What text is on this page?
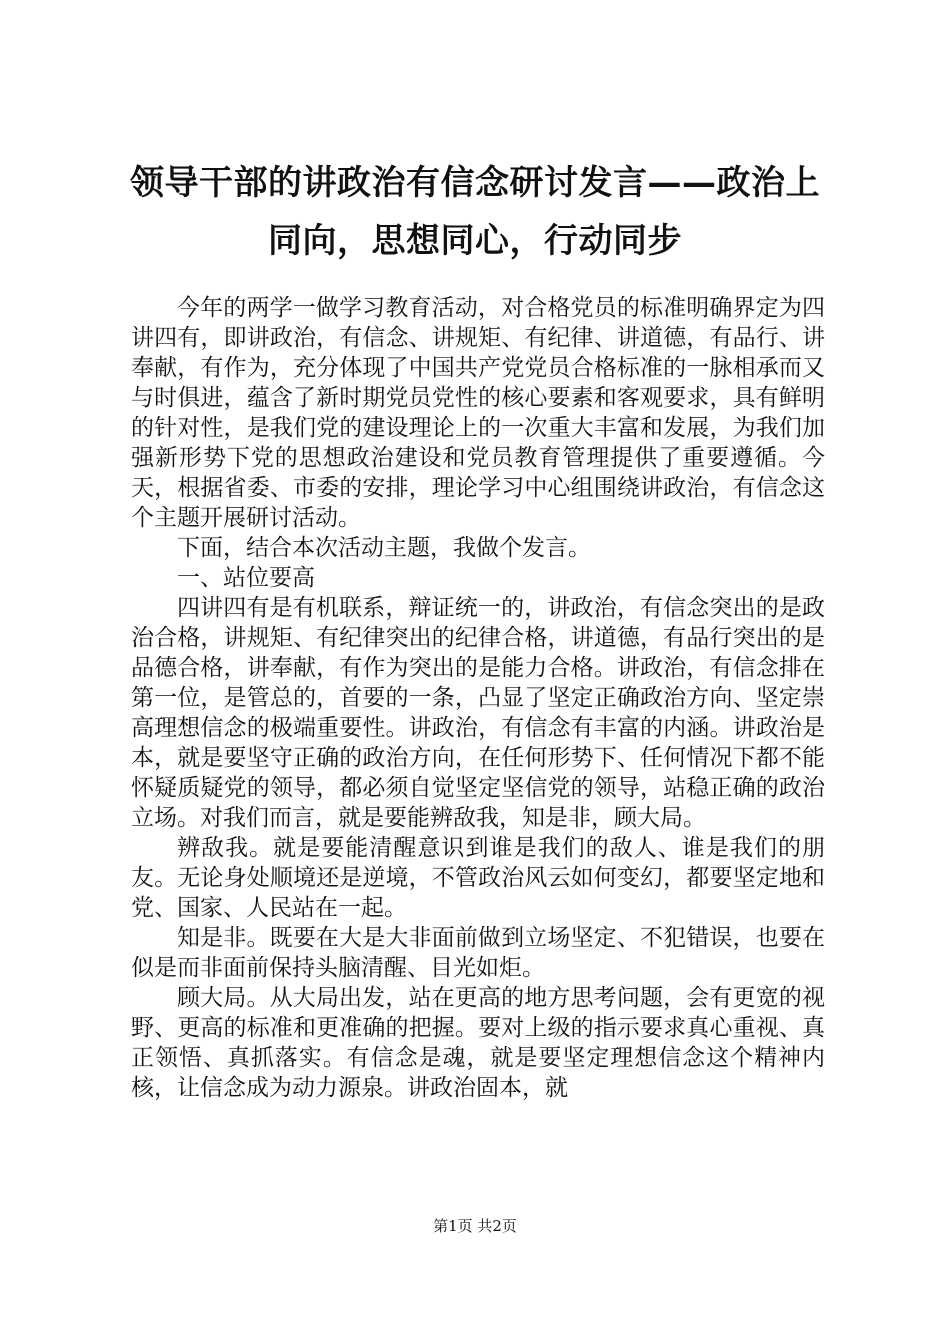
领导干部的讲政治有信念研讨发言——政治上
同向，思想同心，行动同步

今年的两学一做学习教育活动，对合格党员的标准明确界定为四讲四有，即讲政治，有信念、讲规矩、有纪律、讲道德，有品行、讲奉献，有作为，充分体现了中国共产党党员合格标准的一脉相承而又与时俱进，蕴含了新时期党员党性的核心要素和客观要求，具有鲜明的针对性，是我们党的建设理论上的一次重大丰富和发展，为我们加强新形势下党的思想政治建设和党员教育管理提供了重要遵循。今天，根据省委、市委的安排，理论学习中心组围绕讲政治，有信念这个主题开展研讨活动。

下面，结合本次活动主题，我做个发言。

一、站位要高

四讲四有是有机联系，辩证统一的，讲政治，有信念突出的是政治合格，讲规矩、有纪律突出的纪律合格，讲道德，有品行突出的是品德合格，讲奉献，有作为突出的是能力合格。讲政治，有信念排在第一位，是管总的，首要的一条，凸显了坚定正确政治方向、坚定崇高理想信念的极端重要性。讲政治，有信念有丰富的内涵。讲政治是本，就是要坚守正确的政治方向，在任何形势下、任何情况下都不能怀疑质疑党的领导，都必须自觉坚定坚信党的领导，站稳正确的政治立场。对我们而言，就是要能辨敌我，知是非，顾大局。

辨敌我。就是要能清醒意识到谁是我们的敌人、谁是我们的朋友。无论身处顺境还是逆境，不管政治风云如何变幻，都要坚定地和党、国家、人民站在一起。

知是非。既要在大是大非面前做到立场坚定、不犯错误，也要在似是而非面前保持头脑清醒、目光如炬。

顾大局。从大局出发，站在更高的地方思考问题，会有更宽的视野、更高的标准和更准确的把握。要对上级的指示要求真心重视、真正领悟、真抓落实。有信念是魂，就是要坚定理想信念这个精神内核，让信念成为动力源泉。讲政治固本，就

第1页 共2页
